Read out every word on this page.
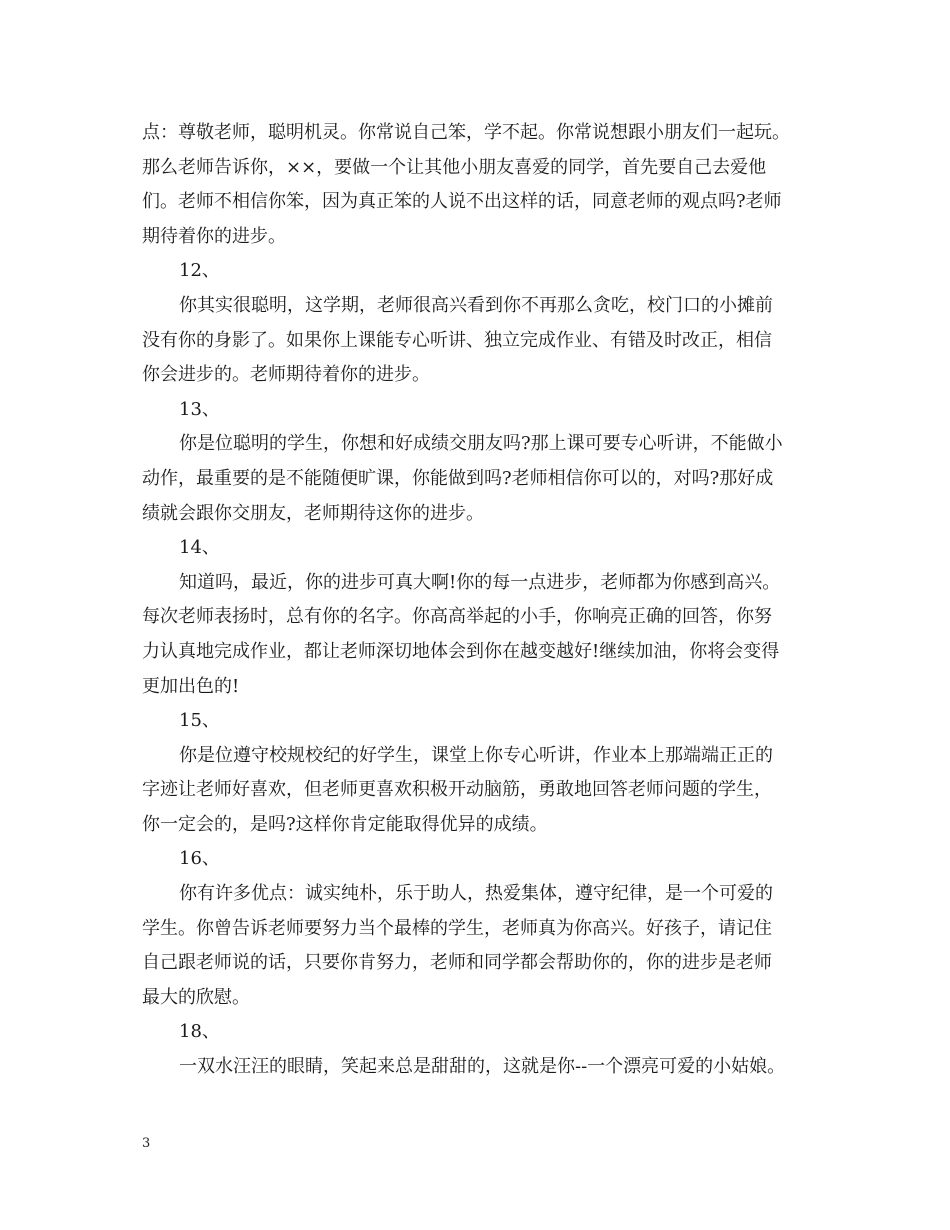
点：尊敬老师，聪明机灵。你常说自己笨，学不起。你常说想跟小朋友们一起玩。
那么老师告诉你，××，要做一个让其他小朋友喜爱的同学，首先要自己去爱他
们。老师不相信你笨，因为真正笨的人说不出这样的话，同意老师的观点吗?老师
期待着你的进步。
12、
你其实很聪明，这学期，老师很高兴看到你不再那么贪吃，校门口的小摊前
没有你的身影了。如果你上课能专心听讲、独立完成作业、有错及时改正，相信
你会进步的。老师期待着你的进步。
13、
你是位聪明的学生，你想和好成绩交朋友吗?那上课可要专心听讲，不能做小
动作，最重要的是不能随便旷课，你能做到吗?老师相信你可以的，对吗?那好成
绩就会跟你交朋友，老师期待这你的进步。
14、
知道吗，最近，你的进步可真大啊!你的每一点进步，老师都为你感到高兴。
每次老师表扬时，总有你的名字。你高高举起的小手，你响亮正确的回答，你努
力认真地完成作业，都让老师深切地体会到你在越变越好!继续加油，你将会变得
更加出色的!
15、
你是位遵守校规校纪的好学生，课堂上你专心听讲，作业本上那端端正正的
字迹让老师好喜欢，但老师更喜欢积极开动脑筋，勇敢地回答老师问题的学生，
你一定会的，是吗?这样你肯定能取得优异的成绩。
16、
你有许多优点：诚实纯朴，乐于助人，热爱集体，遵守纪律，是一个可爱的
学生。你曾告诉老师要努力当个最棒的学生，老师真为你高兴。好孩子，请记住
自己跟老师说的话，只要你肯努力，老师和同学都会帮助你的，你的进步是老师
最大的欣慰。
18、
一双水汪汪的眼睛，笑起来总是甜甜的，这就是你--一个漂亮可爱的小姑娘。
3
